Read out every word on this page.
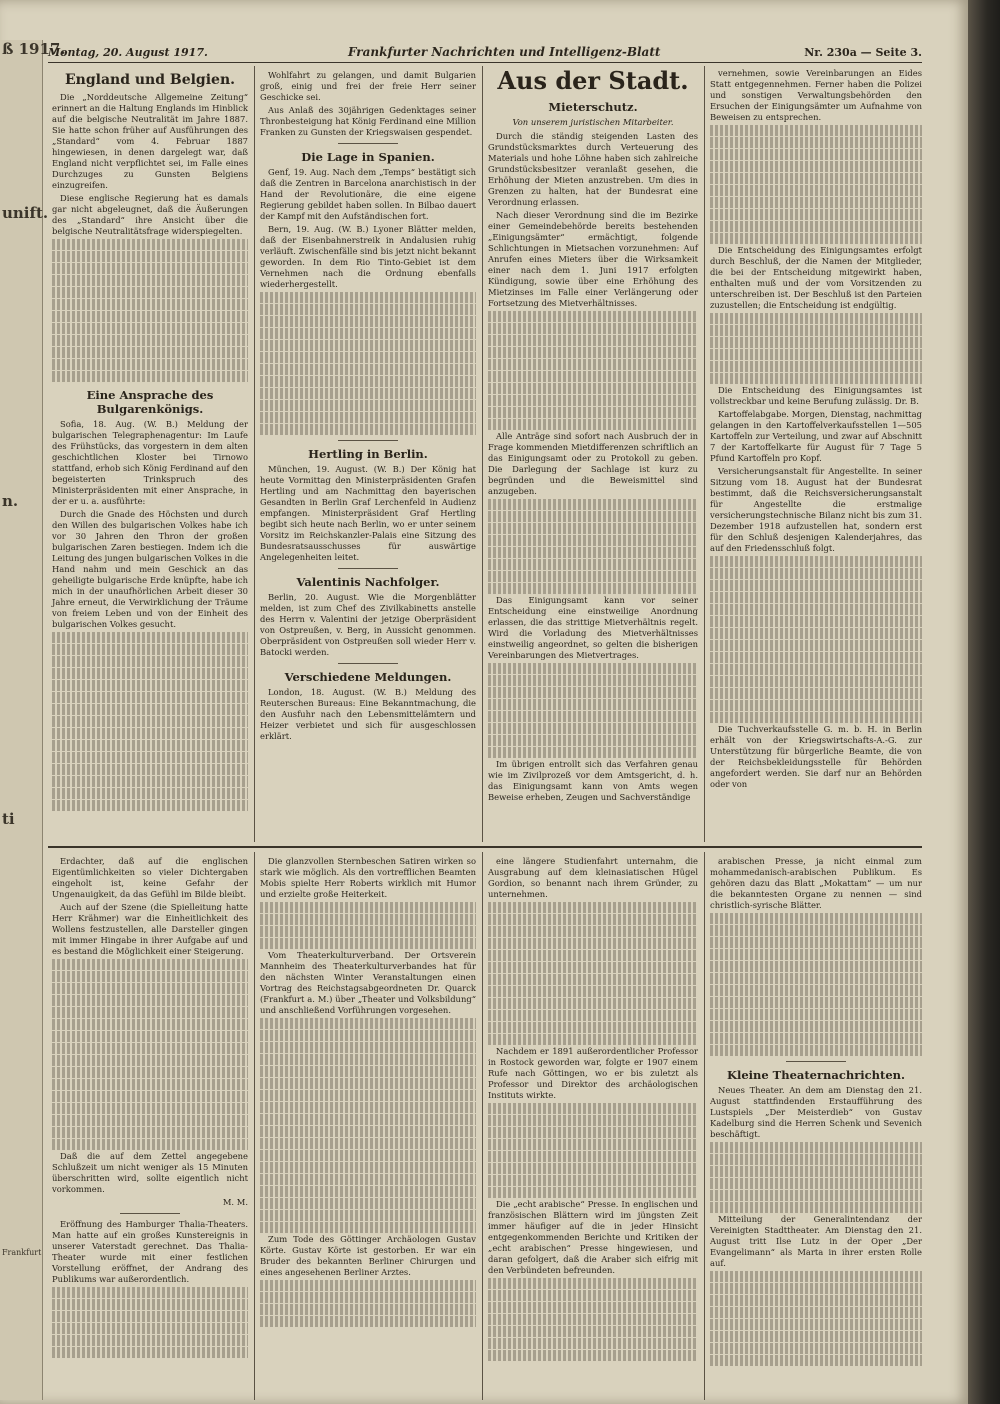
ß 1917.

unift.

n.

ti

Frankfurt

Montag, 20. August 1917.	Frankfurter Nachrichten und Intelligenz-Blatt	Nr. 230a — Seite 3.
England und Belgien.

Die „Norddeutsche Allgemeine Zeitung“ erinnert an die Haltung Englands im Hinblick auf die belgische Neutralität im Jahre 1887. Sie hatte schon früher auf Ausführungen des „Standard“ vom 4. Februar 1887 hingewiesen, in denen dargelegt war, daß England nicht verpflichtet sei, im Falle eines Durchzuges zu Gunsten Belgiens einzugreifen.

Diese englische Regierung hat es damals gar nicht abgeleugnet, daß die Äußerungen des „Standard“ ihre Ansicht über die belgische Neutralitätsfrage widerspiegelten.

Eine Ansprache des Bulgarenkönigs.

Sofia, 18. Aug. (W. B.) Meldung der bulgarischen Telegraphenagentur: Im Laufe des Frühstücks, das vorgestern in dem alten geschichtlichen Kloster bei Tirnowo stattfand, erhob sich König Ferdinand auf den begeisterten Trinkspruch des Ministerpräsidenten mit einer Ansprache, in der er u. a. ausführte:

Durch die Gnade des Höchsten und durch den Willen des bulgarischen Volkes habe ich vor 30 Jahren den Thron der großen bulgarischen Zaren bestiegen. Indem ich die Leitung des jungen bulgarischen Volkes in die Hand nahm und mein Geschick an das geheiligte bulgarische Erde knüpfte, habe ich mich in der unaufhörlichen Arbeit dieser 30 Jahre erneut, die Verwirklichung der Träume von freiem Leben und von der Einheit des bulgarischen Volkes gesucht.

Wohlfahrt zu gelangen, und damit Bulgarien groß, einig und frei der freie Herr seiner Geschicke sei.

Aus Anlaß des 30jährigen Gedenktages seiner Thronbesteigung hat König Ferdinand eine Million Franken zu Gunsten der Kriegswaisen gespendet.

Die Lage in Spanien.

Genf, 19. Aug. Nach dem „Temps“ bestätigt sich daß die Zentren in Barcelona anarchistisch in der Hand der Revolutionäre, die eine eigene Regierung gebildet haben sollen. In Bilbao dauert der Kampf mit den Aufständischen fort.

Bern, 19. Aug. (W. B.) Lyoner Blätter melden, daß der Eisenbahnerstreik in Andalusien ruhig verläuft. Zwischenfälle sind bis jetzt nicht bekannt geworden. In dem Rio Tinto-Gebiet ist dem Vernehmen nach die Ordnung ebenfalls wiederhergestellt.

Hertling in Berlin.

München, 19. August. (W. B.) Der König hat heute Vormittag den Ministerpräsidenten Grafen Hertling und am Nachmittag den bayerischen Gesandten in Berlin Graf Lerchenfeld in Audienz empfangen. Ministerpräsident Graf Hertling begibt sich heute nach Berlin, wo er unter seinem Vorsitz im Reichskanzler-Palais eine Sitzung des Bundesratsausschusses für auswärtige Angelegenheiten leitet.

Valentinis Nachfolger.

Berlin, 20. August. Wie die Morgenblätter melden, ist zum Chef des Zivilkabinetts anstelle des Herrn v. Valentini der jetzige Oberpräsident von Ostpreußen, v. Berg, in Aussicht genommen. Oberpräsident von Ostpreußen soll wieder Herr v. Batocki werden.

Verschiedene Meldungen.

London, 18. August. (W. B.) Meldung des Reuterschen Bureaus: Eine Bekanntmachung, die den Ausfuhr nach den Lebensmittelämtern und Heizer verbietet und sich für ausgeschlossen erklärt.

Aus der Stadt.
Mieterschutz.

Von unserem juristischen Mitarbeiter.

Durch die ständig steigenden Lasten des Grundstücksmarktes durch Verteuerung des Materials und hohe Löhne haben sich zahlreiche Grundstücksbesitzer veranlaßt gesehen, die Erhöhung der Mieten anzustreben. Um dies in Grenzen zu halten, hat der Bundesrat eine Verordnung erlassen.

Nach dieser Verordnung sind die im Bezirke einer Gemeindebehörde bereits bestehenden „Einigungsämter“ ermächtigt, folgende Schlichtungen in Mietsachen vorzunehmen: Auf Anrufen eines Mieters über die Wirksamkeit einer nach dem 1. Juni 1917 erfolgten Kündigung, sowie über eine Erhöhung des Mietzinses im Falle einer Verlängerung oder Fortsetzung des Mietverhältnisses.

Alle Anträge sind sofort nach Ausbruch der in Frage kommenden Mietdifferenzen schriftlich an das Einigungsamt oder zu Protokoll zu geben. Die Darlegung der Sachlage ist kurz zu begründen und die Beweismittel sind anzugeben.

Das Einigungsamt kann vor seiner Entscheidung eine einstweilige Anordnung erlassen, die das strittige Mietverhältnis regelt. Wird die Vorladung des Mietverhältnisses einstweilig angeordnet, so gelten die bisherigen Vereinbarungen des Mietvertrages.

Im übrigen entrollt sich das Verfahren genau wie im Zivilprozeß vor dem Amtsgericht, d. h. das Einigungsamt kann von Amts wegen Beweise erheben, Zeugen und Sachverständige

vernehmen, sowie Vereinbarungen an Eides Statt entgegennehmen. Ferner haben die Polizei und sonstigen Verwaltungsbehörden den Ersuchen der Einigungsämter um Aufnahme von Beweisen zu entsprechen.

Die Entscheidung des Einigungsamtes erfolgt durch Beschluß, der die Namen der Mitglieder, die bei der Entscheidung mitgewirkt haben, enthalten muß und der vom Vorsitzenden zu unterschreiben ist. Der Beschluß ist den Parteien zuzustellen; die Entscheidung ist endgültig.

Die Entscheidung des Einigungsamtes ist vollstreckbar und keine Berufung zulässig. Dr. B.

Kartoffelabgabe. Morgen, Dienstag, nachmittag gelangen in den Kartoffelverkaufsstellen 1—505 Kartoffeln zur Verteilung, und zwar auf Abschnitt 7 der Kartoffelkarte für August für 7 Tage 5 Pfund Kartoffeln pro Kopf.

Versicherungsanstalt für Angestellte. In seiner Sitzung vom 18. August hat der Bundesrat bestimmt, daß die Reichsversicherungsanstalt für Angestellte die erstmalige versicherungstechnische Bilanz nicht bis zum 31. Dezember 1918 aufzustellen hat, sondern erst für den Schluß desjenigen Kalenderjahres, das auf den Friedensschluß folgt.

Die Tuchverkaufsstelle G. m. b. H. in Berlin erhält von der Kriegswirtschafts-A.-G. zur Unterstützung für bürgerliche Beamte, die von der Reichsbekleidungsstelle für Behörden angefordert werden. Sie darf nur an Behörden oder von

Erdachter, daß auf die englischen Eigentümlichkeiten so vieler Dichtergaben eingeholt ist, keine Gefahr der Ungenauigkeit, da das Gefühl im Bilde bleibt.

Auch auf der Szene (die Spielleitung hatte Herr Krähmer) war die Einheitlichkeit des Wollens festzustellen, alle Darsteller gingen mit immer Hingabe in ihrer Aufgabe auf und es bestand die Möglichkeit einer Steigerung.

Daß die auf dem Zettel angegebene Schlußzeit um nicht weniger als 15 Minuten überschritten wird, sollte eigentlich nicht vorkommen.

M. M.

Eröffnung des Hamburger Thalia-Theaters. Man hatte auf ein großes Kunstereignis in unserer Vaterstadt gerechnet. Das Thalia-Theater wurde mit einer festlichen Vorstellung eröffnet, der Andrang des Publikums war außerordentlich.

Die glanzvollen Sternbeschen Satiren wirken so stark wie möglich. Als den vortrefflichen Beamten Mobis spielte Herr Roberts wirklich mit Humor und erzielte große Heiterkeit.

Vom Theaterkulturverband. Der Ortsverein Mannheim des Theaterkulturverbandes hat für den nächsten Winter Veranstaltungen einen Vortrag des Reichstagsabgeordneten Dr. Quarck (Frankfurt a. M.) über „Theater und Volksbildung“ und anschließend Vorführungen vorgesehen.

Zum Tode des Göttinger Archäologen Gustav Körte. Gustav Körte ist gestorben. Er war ein Bruder des bekannten Berliner Chirurgen und eines angesehenen Berliner Arztes.

eine längere Studienfahrt unternahm, die Ausgrabung auf dem kleinasiatischen Hügel Gordion, so benannt nach ihrem Gründer, zu unternehmen.

Nachdem er 1891 außerordentlicher Professor in Rostock geworden war, folgte er 1907 einem Rufe nach Göttingen, wo er bis zuletzt als Professor und Direktor des archäologischen Instituts wirkte.

Die „echt arabische“ Presse. In englischen und französischen Blättern wird im jüngsten Zeit immer häufiger auf die in jeder Hinsicht entgegenkommenden Berichte und Kritiken der „echt arabischen“ Presse hingewiesen, und daran gefolgert, daß die Araber sich eifrig mit den Verbündeten befreunden.

arabischen Presse, ja nicht einmal zum mohammedanisch-arabischen Publikum. Es gehören dazu das Blatt „Mokattam“ — um nur die bekanntesten Organe zu nennen — sind christlich-syrische Blätter.

Kleine Theaternachrichten.

Neues Theater. An dem am Dienstag den 21. August stattfindenden Erstaufführung des Lustspiels „Der Meisterdieb“ von Gustav Kadelburg sind die Herren Schenk und Sevenich beschäftigt.

Mitteilung der Generalintendanz der Vereinigten Stadttheater. Am Dienstag den 21. August tritt Ilse Lutz in der Oper „Der Evangelimann“ als Marta in ihrer ersten Rolle auf.
